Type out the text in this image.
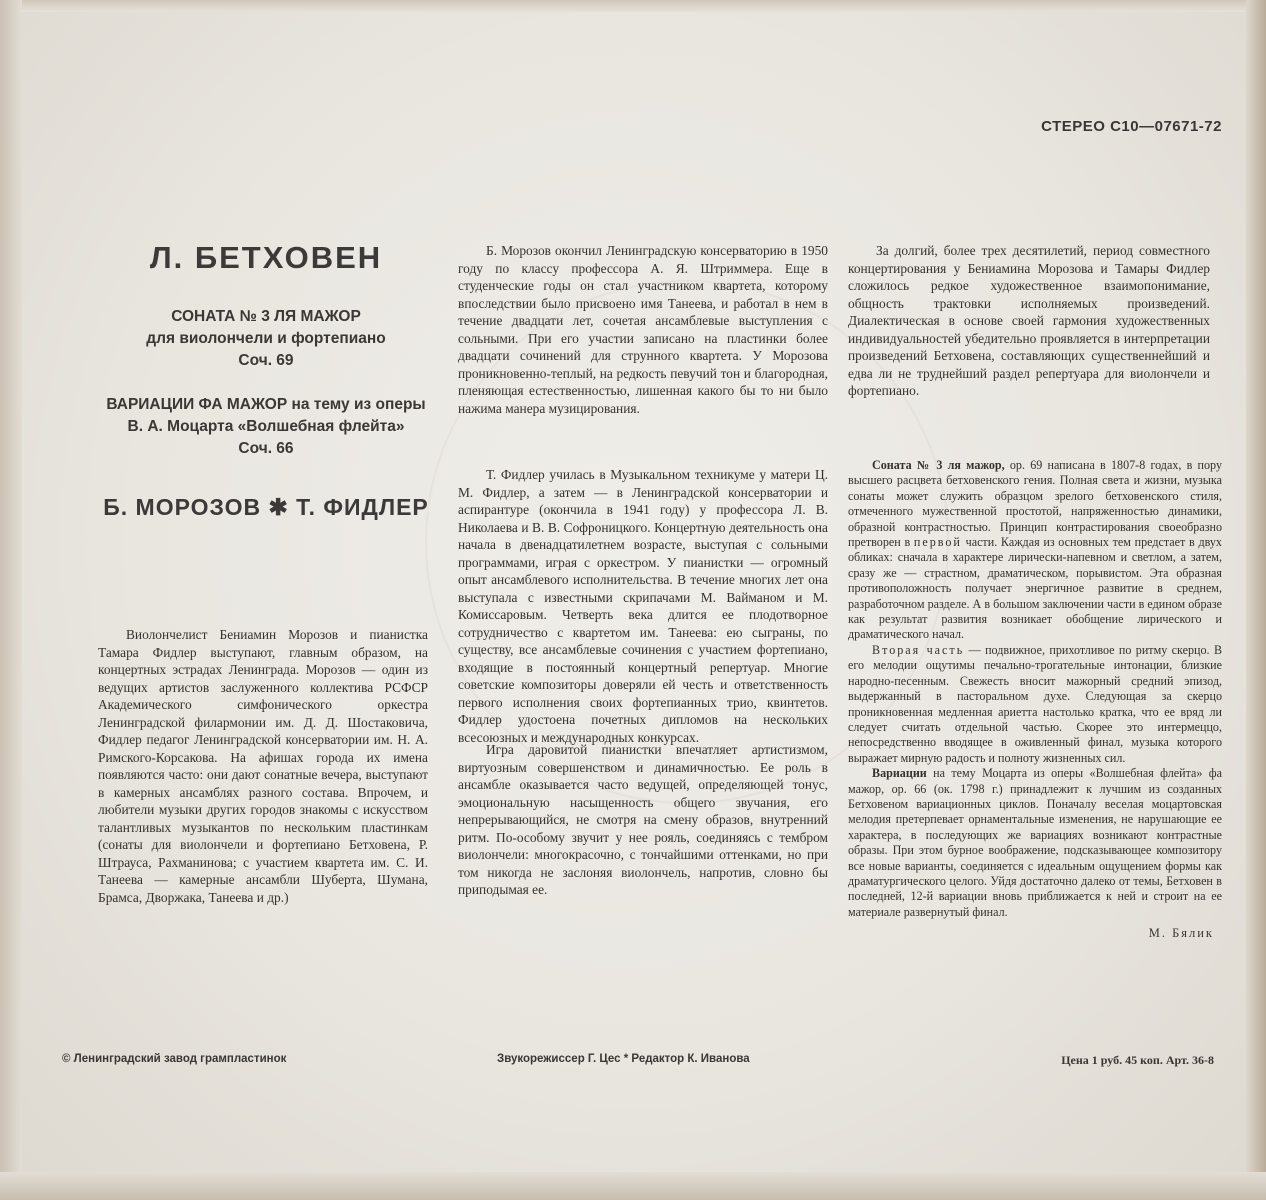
СТЕРЕО С10—07671-72
Л. БЕТХОВЕН
СОНАТА № 3 ЛЯ МАЖОР
для виолончели и фортепиано
Соч. 69
ВАРИАЦИИ ФА МАЖОР на тему из оперы
В. А. Моцарта «Волшебная флейта»
Соч. 66
Б. МОРОЗОВ ✱ Т. ФИДЛЕР

Виолончелист Бениамин Морозов и пианистка Тамара Фидлер выступают, главным образом, на концертных эстрадах Ленинграда. Морозов — один из ведущих артистов заслуженного коллектива РСФСР Академического симфонического оркестра Ленинградской филармонии им. Д. Д. Шостаковича, Фидлер педагог Ленинградской консерватории им. Н. А. Римского-Корсакова. На афишах города их имена появляются часто: они дают сонатные вечера, выступают в камерных ансамблях разного состава. Впрочем, и любители музыки других городов знакомы с искусством талантливых музыкантов по нескольким пластинкам (сонаты для виолончели и фортепиано Бетховена, Р. Штрауса, Рахманинова; с участием квартета им. С. И. Танеева — камерные ансамбли Шуберта, Шумана, Брамса, Дворжака, Танеева и др.)

Б. Морозов окончил Ленинградскую консерваторию в 1950 году по классу профессора А. Я. Штриммера. Еще в студенческие годы он стал участником квартета, которому впоследствии было присвоено имя Танеева, и работал в нем в течение двадцати лет, сочетая ансамблевые выступления с сольными. При его участии записано на пластинки более двадцати сочинений для струнного квартета. У Морозова проникновенно-теплый, на редкость певучий тон и благородная, пленяющая естественностью, лишенная какого бы то ни было нажима манера музицирования.

Т. Фидлер училась в Музыкальном техникуме у матери Ц. М. Фидлер, а затем — в Ленинградской консерватории и аспирантуре (окончила в 1941 году) у профессора Л. В. Николаева и В. В. Софроницкого. Концертную деятельность она начала в двенадцатилетнем возрасте, выступая с сольными программами, играя с оркестром. У пианистки — огромный опыт ансамблевого исполнительства. В течение многих лет она выступала с известными скрипачами М. Вайманом и М. Комиссаровым. Четверть века длится ее плодотворное сотрудничество с квартетом им. Танеева: ею сыграны, по существу, все ансамблевые сочинения с участием фортепиано, входящие в постоянный концертный репертуар. Многие советские композиторы доверяли ей честь и ответственность первого исполнения своих фортепианных трио, квинтетов. Фидлер удостоена почетных дипломов на нескольких всесоюзных и международных конкурсах.

Игра даровитой пианистки впечатляет артистизмом, виртуозным совершенством и динамичностью. Ее роль в ансамбле оказывается часто ведущей, определяющей тонус, эмоциональную насыщенность общего звучания, его непрерывающийся, не смотря на смену образов, внутренний ритм. По-особому звучит у нее рояль, соединяясь с тембром виолончели: многокрасочно, с тончайшими оттенками, но при том никогда не заслоняя виолончель, напротив, словно бы приподымая ее.

За долгий, более трех десятилетий, период совместного концертирования у Бениамина Морозова и Тамары Фидлер сложилось редкое художественное взаимопонимание, общность трактовки исполняемых произведений. Диалектическая в основе своей гармония художественных индивидуальностей убедительно проявляется в интерпретации произведений Бетховена, составляющих существеннейший и едва ли не труднейший раздел репертуара для виолончели и фортепиано.

Соната № 3 ля мажор, ор. 69 написана в 1807-8 годах, в пору высшего расцвета бетховенского гения. Полная света и жизни, музыка сонаты может служить образцом зрелого бетховенского стиля, отмеченного мужественной простотой, напряженностью динамики, образной контрастностью. Принцип контрастирования своеобразно претворен в первой части. Каждая из основных тем предстает в двух обликах: сначала в характере лирически-напевном и светлом, а затем, сразу же — страстном, драматическом, порывистом. Эта образная противоположность получает энергичное развитие в среднем, разработочном разделе. А в большом заключении части в едином образе как результат развития возникает обобщение лирического и драматического начал.

Вторая часть — подвижное, прихотливое по ритму скерцо. В его мелодии ощутимы печально-трогательные интонации, близкие народно-песенным. Свежесть вносит мажорный средний эпизод, выдержанный в пасторальном духе. Следующая за скерцо проникновенная медленная ариетта настолько кратка, что ее вряд ли следует считать отдельной частью. Скорее это интермеццо, непосредственно вводящее в оживленный финал, музыка которого выражает мирную радость и полноту жизненных сил.

Вариации на тему Моцарта из оперы «Волшебная флейта» фа мажор, ор. 66 (ок. 1798 г.) принадлежит к лучшим из созданных Бетховеном вариационных циклов. Поначалу веселая моцартовская мелодия претерпевает орнаментальные изменения, не нарушающие ее характера, в последующих же вариациях возникают контрастные образы. При этом бурное воображение, подсказывающее композитору все новые варианты, соединяется с идеальным ощущением формы как драматургического целого. Уйдя достаточно далеко от темы, Бетховен в последней, 12-й вариации вновь приближается к ней и строит на ее материале развернутый финал.

М. Бялик
© Ленинградский завод грампластинок	Звукорежиссер Г. Цес * Редактор К. Иванова	Цена 1 руб. 45 коп. Арт. 36-8
